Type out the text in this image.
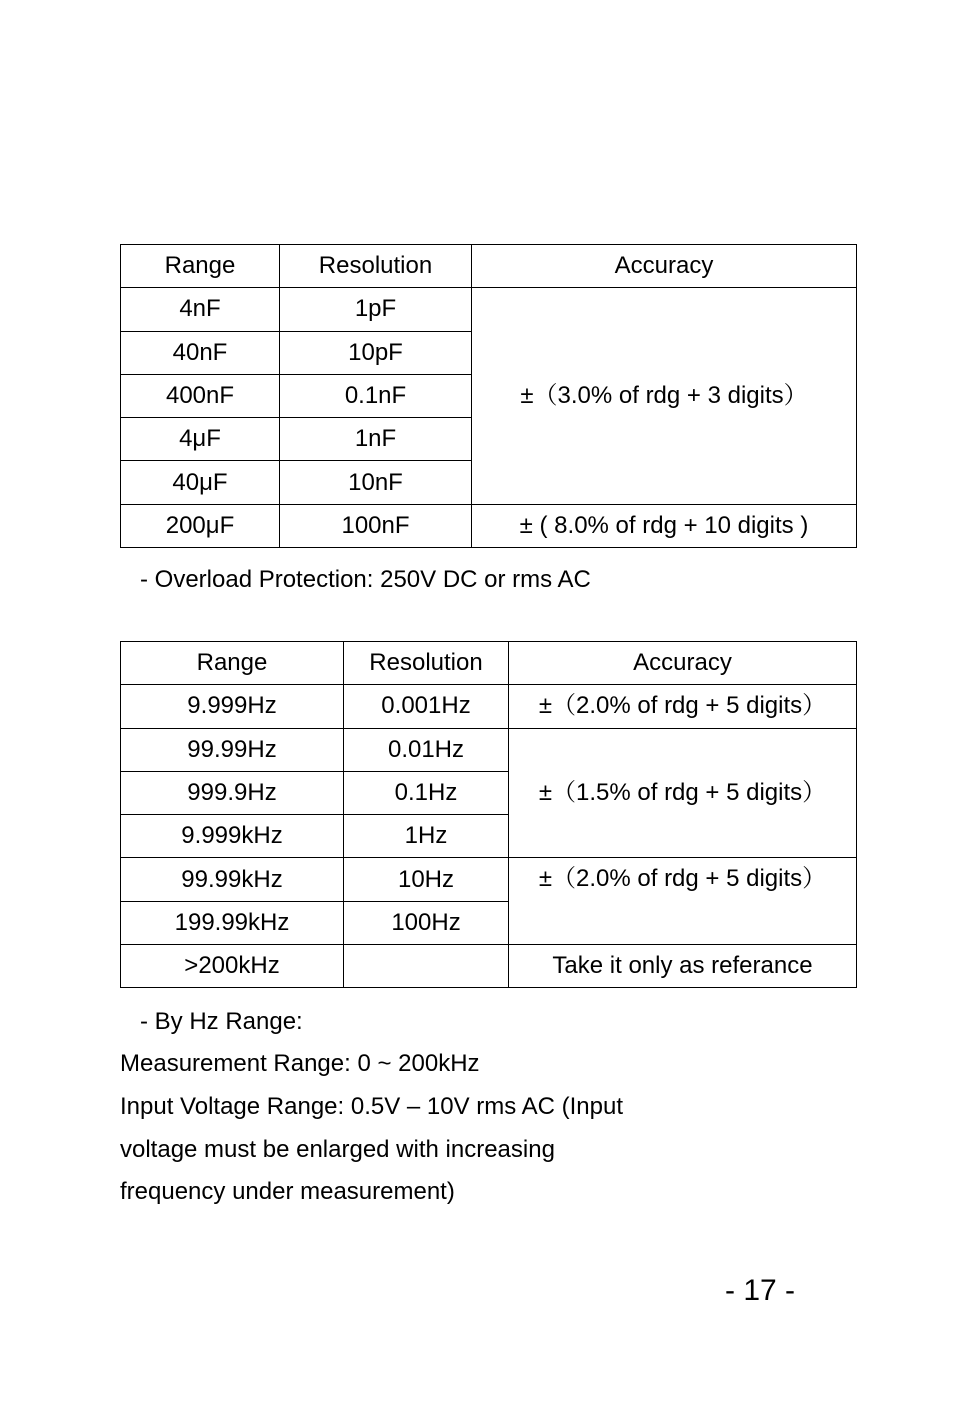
Range	Resolution	Accuracy
4nF	1pF	±（3.0% of rdg + 3 digits）
40nF	10pF	
400nF	0.1nF	
4μF	1nF	
40μF	10nF	
200μF	100nF	± ( 8.0% of rdg + 10 digits )

- Overload Protection: 250V DC or rms AC

Range	Resolution	Accuracy
9.999Hz	0.001Hz	±（2.0% of rdg + 5 digits）
99.99Hz	0.01Hz	±（1.5% of rdg + 5 digits）
999.9Hz	0.1Hz	
9.999kHz	1Hz	
99.99kHz	10Hz	±（2.0% of rdg + 5 digits）
199.99kHz	100Hz	
>200kHz		Take it only as referance

- By Hz Range:

Measurement Range: 0 ~ 200kHz

Input Voltage Range: 0.5V – 10V rms AC (Input

voltage must be enlarged with increasing

frequency under measurement)

- 17 -
